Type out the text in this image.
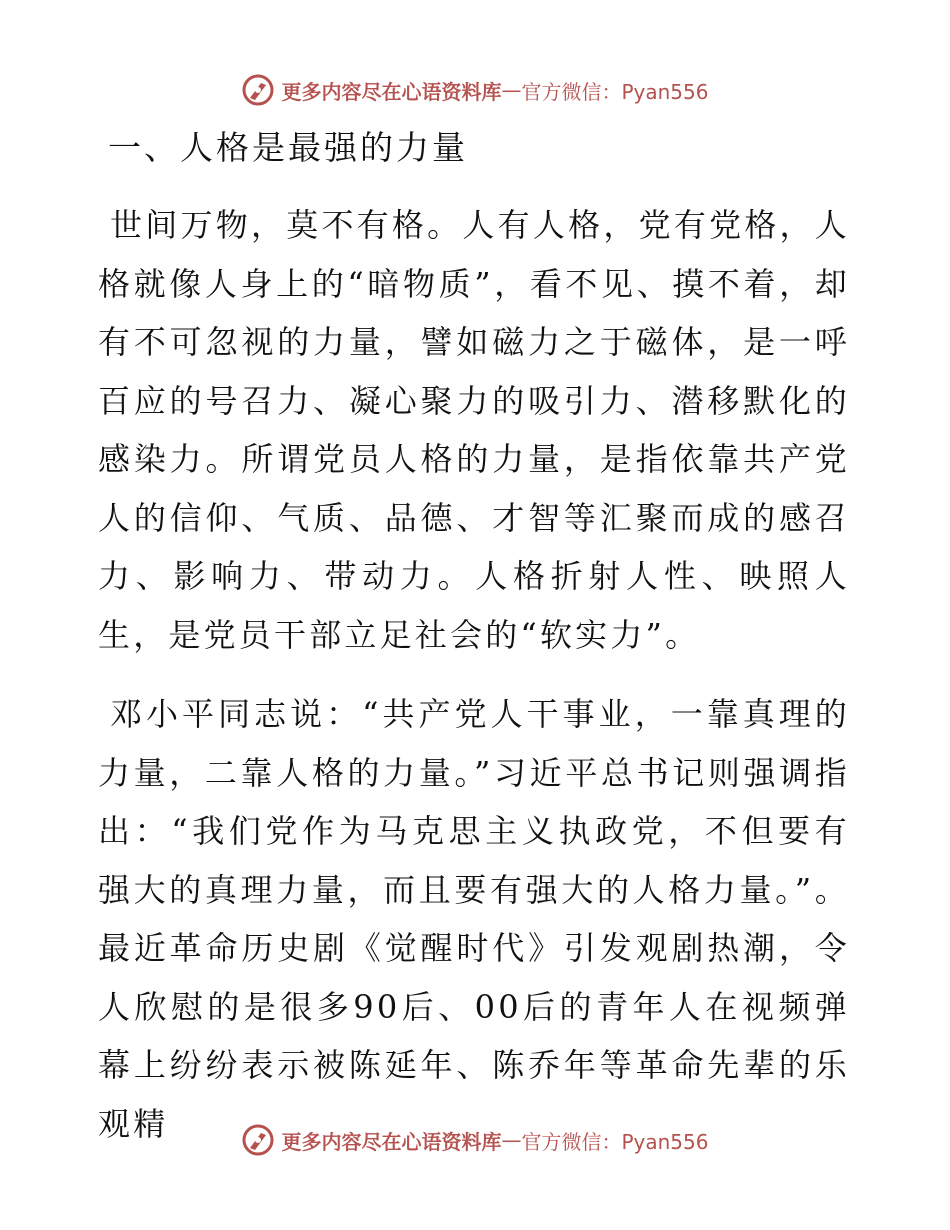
更多内容尽在心语资料库 — 官方微信：Pyan556
一、人格是最强的力量

世间万物，莫不有格。人有人格，党有党格，人格就像人身上的“暗物质”，看不见、摸不着，却有不可忽视的力量，譬如磁力之于磁体，是一呼百应的号召力、凝心聚力的吸引力、潜移默化的感染力。所谓党员人格的力量，是指依靠共产党人的信仰、气质、品德、才智等汇聚而成的感召力、影响力、带动力。人格折射人性、映照人生，是党员干部立足社会的“软实力”。

邓小平同志说：“共产党人干事业，一靠真理的力量，二靠人格的力量。”习近平总书记则强调指出：“我们党作为马克思主义执政党，不但要有强大的真理力量，而且要有强大的人格力量。”。最近革命历史剧《觉醒时代》引发观剧热潮，令人欣慰的是很多90后、00后的青年人在视频弹幕上纷纷表示被陈延年、陈乔年等革命先辈的乐观精	更多内容尽在心语资料库 — 官方微信：Pyan556
